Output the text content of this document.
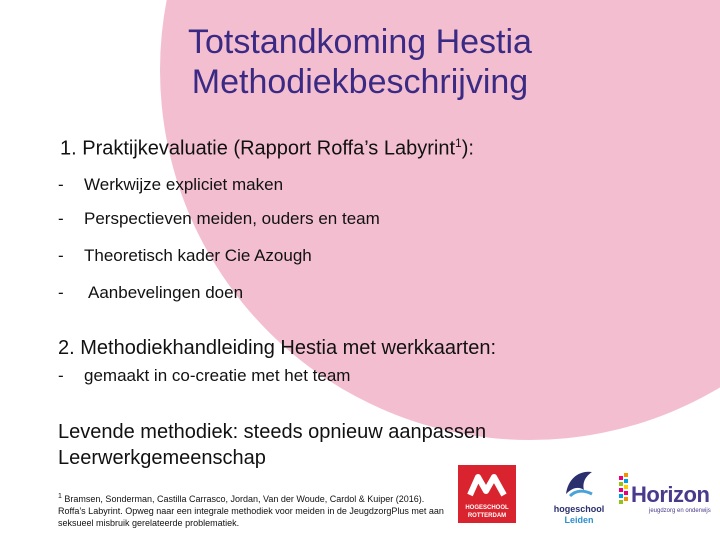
Totstandkoming Hestia
Methodiekbeschrijving
1. Praktijkevaluatie (Rapport Roffa’s Labyrint$^1$):
- Werkwijze expliciet maken
- Perspectieven meiden, ouders en team
- Theoretisch kader Cie Azough
- Aanbevelingen doen
2. Methodiekhandleiding Hestia met werkkaarten:
- gemaakt in co-creatie met het team
Levende methodiek: steeds opnieuw aanpassen
Leerwerkgemeenschap
$^1$ Bramsen, Sonderman, Castilla Carrasco, Jordan, Van der Woude, Cardol & Kuiper (2016). Roffa’s Labyrint. Opweg naar een integrale methodiek voor meiden in de JeugdzorgPlus met aan seksueel misbruik gerelateerde problematiek.
HOGESCHOOL
ROTTERDAM
hogeschool
Leiden
Horizon
jeugdzorg en onderwijs
